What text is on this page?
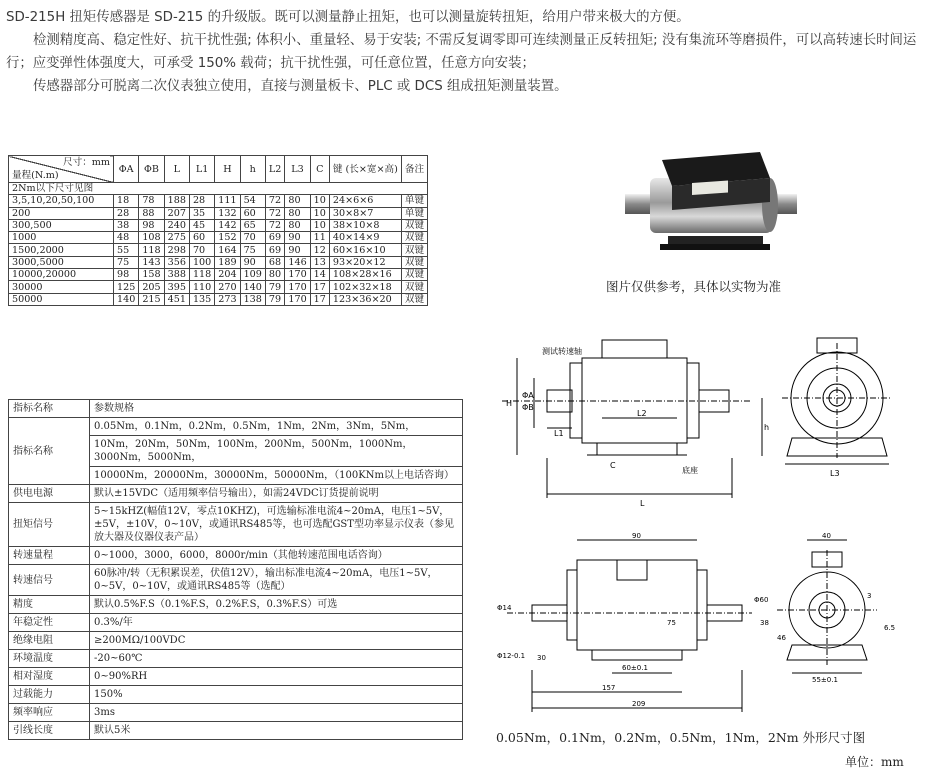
SD-215H 扭矩传感器是 SD-215 的升级版。既可以测量静止扭矩，也可以测量旋转扭矩，给用户带来极大的方便。

检测精度高、稳定性好、抗干扰性强; 体积小、重量轻、易于安装; 不需反复调零即可连续测量正反转扭矩; 没有集流环等磨损件，可以高转速长时间运行；应变弹性体强度大，可承受 150% 载荷；抗干扰性强，可任意位置，任意方向安装；

传感器部分可脱离二次仪表独立使用，直接与测量板卡、PLC 或 DCS 组成扭矩测量装置。

尺寸：mm
量程(N.m)	ΦA	ΦB	L	L1	H	h	L2	L3	C	键 (长×宽×高)	备注
2Nm以下尺寸见图											
3,5,10,20,50,100	18	78	188	28	111	54	72	80	10	24×6×6	单键
200	28	88	207	35	132	60	72	80	10	30×8×7	单键
300,500	38	98	240	45	142	65	72	80	10	38×10×8	双键
1000	48	108	275	60	152	70	69	90	11	40×14×9	双键
1500,2000	55	118	298	70	164	75	69	90	12	60×16×10	双键
3000,5000	75	143	356	100	189	90	68	146	13	93×20×12	双键
10000,20000	98	158	388	118	204	109	80	170	14	108×28×16	双键
30000	125	205	395	110	270	140	79	170	17	102×32×18	双键
50000	140	215	451	135	273	138	79	170	17	123×36×20	双键
指标名称	参数规格
指标名称	0.05Nm，0.1Nm，0.2Nm，0.5Nm，1Nm，2Nm，3Nm，5Nm，
10Nm，20Nm，50Nm，100Nm，200Nm，500Nm，1000Nm，3000Nm，5000Nm，
10000Nm，20000Nm，30000Nm，50000Nm，（100KNm以上电话咨询）

供电电源	默认±15VDC（适用频率信号输出），如需24VDC订货提前说明
扭矩信号	5~15kHZ(幅值12V，零点10KHZ)，可选输标准电流4~20mA，电压1~5V，±5V，±10V，0~10V，或通讯RS485等，也可选配GST型功率显示仪表（参见放大器及仪器仪表产品）
转速量程	0~1000，3000，6000，8000r/min（其他转速范围电话咨询）
转速信号	60脉冲/转（无积累误差，伏值12V），输出标准电流4~20mA，电压1~5V，0~5V，0~10V，或通讯RS485等（选配）
精度	默认0.5%F.S（0.1%F.S，0.2%F.S，0.3%F.S）可选
年稳定性	0.3%/年
绝缘电阻	≥200MΩ/100VDC
环境温度	-20~60℃
相对湿度	0~90%RH
过载能力	150%
频率响应	3ms
引线长度	默认5米
图片仅供参考，具体以实物为准
测试转速轴
L1
L2
L3
L
C
底座
H
h
ΦA
ΦB
90	40
75
30
60±0.1
157
209
55±0.1
Φ60
Φ14
46
3
6.5
38
Φ12-0.1
0.05Nm，0.1Nm，0.2Nm，0.5Nm，1Nm，2Nm 外形尺寸图
单位：mm
